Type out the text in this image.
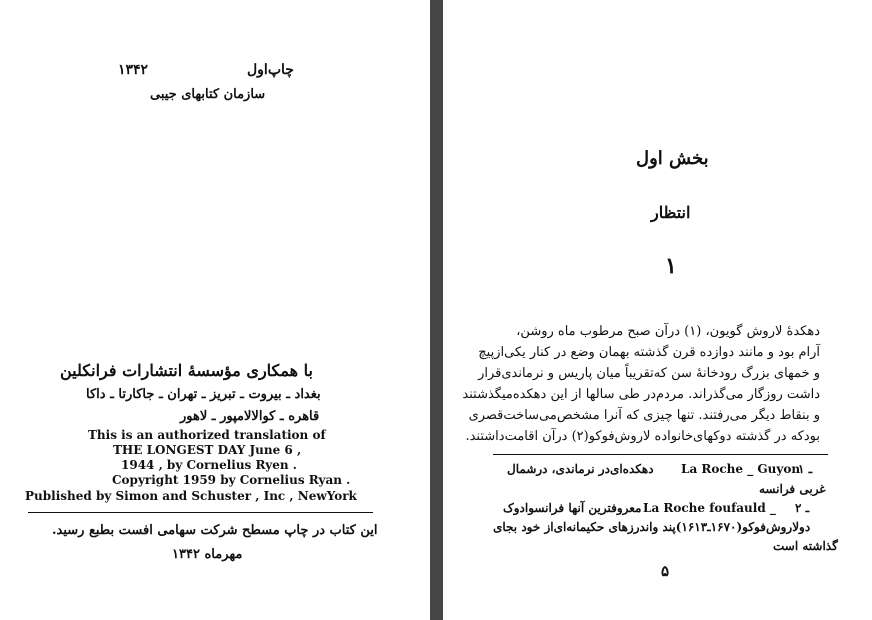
چاپ‌اول
۱۳۴۲
سازمان کتابهای جیبی
با همکاری مؤسسهٔ انتشارات فرانکلین
بغداد ـ بیروت ـ تبریز ـ تهران ـ جاکارتا ـ داکا
قاهره ـ کوالالامپور ـ لاهور
This is an authorized translation of
THE LONGEST DAY June 6 ,
1944 , by Cornelius Ryen .
Copyright 1959 by Cornelius Ryan .
Published by Simon and Schuster , Inc , NewYork
این کتاب در چاپ مسطح شرکت سهامی افست بطبع رسید.
مهرماه ۱۳۴۲
بخش اول
انتظار
۱
دهکدهٔ لاروش گویون، (۱) درآن صبح مرطوب ماه روشن،
آرام بود و مانند دوازده قرن گذشته بهمان وضع در کنار یکی‌ازپیچ
و خمهای بزرگ رودخانهٔ سن که‌تقریباً میان پاریس و نرماندی‌قرار
داشت روزگار می‌گذراند. مردم‌در طی سالها از این دهکده‌میگذشتند
و بنقاط دیگر می‌رفتند. تنها چیزی که آنرا مشخص‌می‌ساخت‌قصری
بودکه در گذشته دوکهای‌خانواده لاروش‌فوکو(۲) درآن اقامت‌داشتند.
۱ ـ
La Roche _ Guyon
دهکده‌ای‌در نرماندی، درشمال
غربی فرانسه
۲ ـ
La Roche foufauld _
معروفترین آنها فرانسوادوک
دولاروش‌فوکو(۱۶۷۰ـ۱۶۱۳)پند واندرزهای حکیمانه‌ای‌از خود بجای
گذاشته است
۵
